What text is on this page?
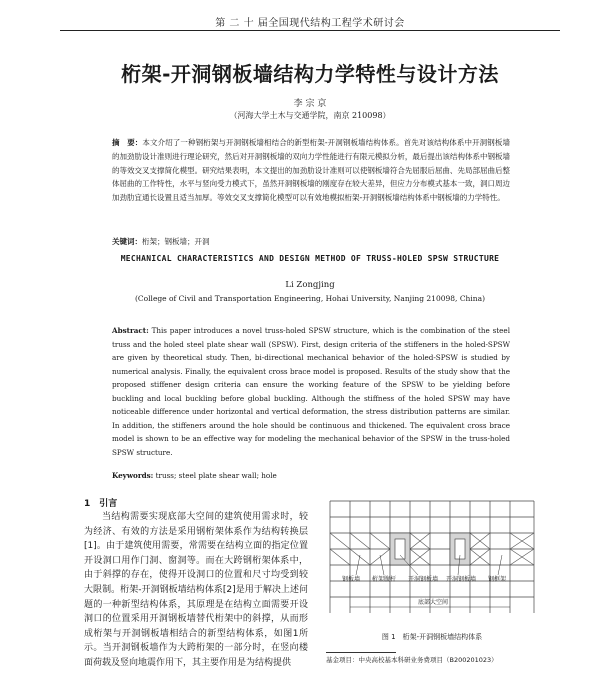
第 二 十 届全国现代结构工程学术研讨会
桁架-开洞钢板墙结构力学特性与设计方法
李 宗 京
（河海大学土木与交通学院，南京 210098）
摘　要：本文介绍了一种钢桁架与开洞钢板墙相结合的新型桁架-开洞钢板墙结构体系。首先对该结构体系中开洞钢板墙的加劲肋设计准则进行理论研究，然后对开洞钢板墙的双向力学性能进行有限元模拟分析，最后提出该结构体系中钢板墙的等效交叉支撑简化模型。研究结果表明，本文提出的加劲肋设计准则可以使钢板墙符合先屈服后屈曲、先局部屈曲后整体屈曲的工作特性，水平与竖向受力模式下，虽然开洞钢板墙的刚度存在较大差异，但应力分布模式基本一致，洞口周边加劲肋宜通长设置且适当加厚。等效交叉支撑简化模型可以有效地模拟桁架-开洞钢板墙结构体系中钢板墙的力学特性。
关键词：桁架；钢板墙；开洞
MECHANICAL CHARACTERISTICS AND DESIGN METHOD OF TRUSS-HOLED SPSW STRUCTURE
Li Zongjing
(College of Civil and Transportation Engineering, Hohai University, Nanjing 210098, China)
Abstract: This paper introduces a novel truss-holed SPSW structure, which is the combination of the steel truss and the holed steel plate shear wall (SPSW). First, design criteria of the stiffeners in the holed-SPSW are given by theoretical study. Then, bi-directional mechanical behavior of the holed-SPSW is studied by numerical analysis. Finally, the equivalent cross brace model is proposed. Results of the study show that the proposed stiffener design criteria can ensure the working feature of the SPSW to be yielding before buckling and local buckling before global buckling. Although the stiffness of the holed SPSW may have noticeable difference under horizontal and vertical deformation, the stress distribution patterns are similar. In addition, the stiffeners around the hole should be continuous and thickened. The equivalent cross brace model is shown to be an effective way for modeling the mechanical behavior of the SPSW in the truss-holed SPSW structure.
Keywords: truss; steel plate shear wall; hole
1　引言
当结构需要实现底部大空间的建筑使用需求时，较为经济、有效的方法是采用钢桁架体系作为结构转换层[1]。由于建筑使用需要，常需要在结构立面的指定位置开设洞口用作门洞、窗洞等。而在大跨钢桁架体系中，由于斜撑的存在，使得开设洞口的位置和尺寸均受到较大限制。桁架-开洞钢板墙结构体系[2]是用于解决上述问题的一种新型结构体系，其原理是在结构立面需要开设洞口的位置采用开洞钢板墙替代桁架中的斜撑，从而形成桁架与开洞钢板墙相结合的新型结构体系，如图1所示。当开洞钢板墙作为大跨桁架的一部分时，在竖向楼面荷载及竖向地震作用下，其主要作用是为结构提供
钢板墙 桁架腹杆 开洞钢板墙 开洞钢板墙 钢框架
底部大空间
图 1　桁架-开洞钢板墙结构体系
基金项目：中央高校基本科研业务费项目（B200201023）
